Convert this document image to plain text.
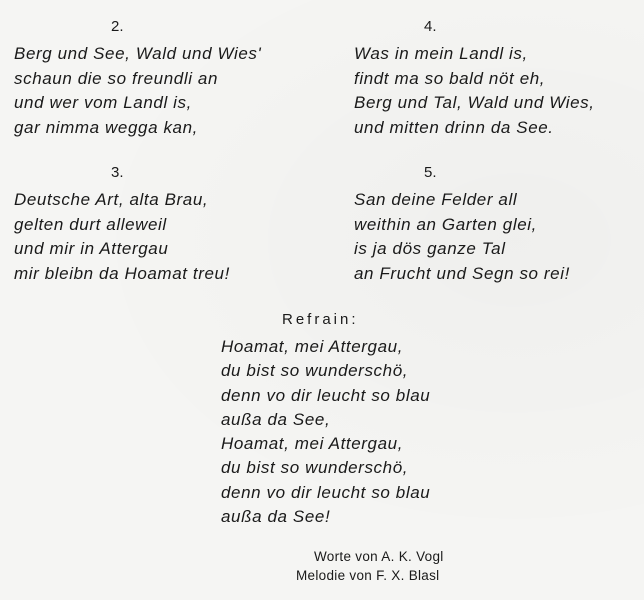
2.
Berg und See, Wald und Wies'
schaun die so freundli an
und wer vom Landl is,
gar nimma wegga kan,
4.
Was in mein Landl is,
findt ma so bald nöt eh,
Berg und Tal, Wald und Wies,
und mitten drinn da See.
3.
Deutsche Art, alta Brau,
gelten durt alleweil
und mir in Attergau
mir bleibn da Hoamat treu!
5.
San deine Felder all
weithin an Garten glei,
is ja dös ganze Tal
an Frucht und Segn so rei!
Refrain:
Hoamat, mei Attergau,
du bist so wunderschö,
denn vo dir leucht so blau
außa da See,
Hoamat, mei Attergau,
du bist so wunderschö,
denn vo dir leucht so blau
außa da See!
Worte von A. K. Vogl
Melodie von F. X. Blasl
